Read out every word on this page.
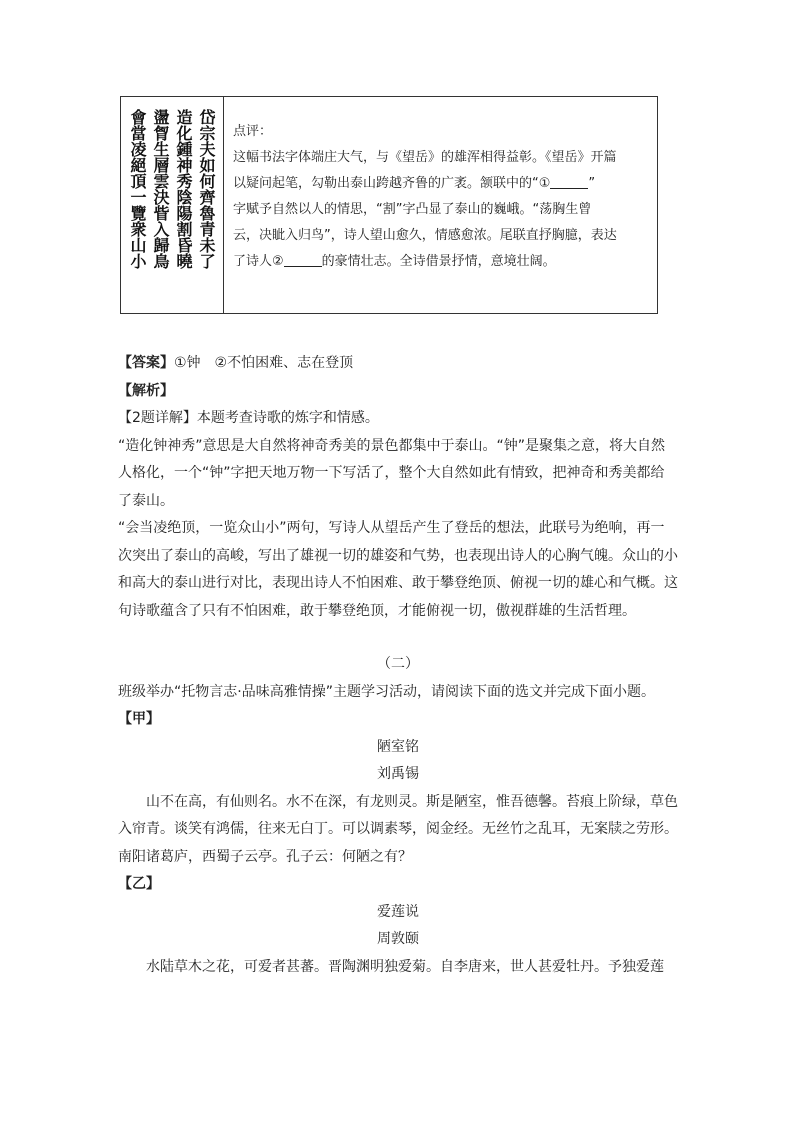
岱宗夫如何齊魯青未了
造化鍾神秀陰陽割昏曉
盪胷生層雲決眥入歸鳥
會當凌絕頂一覽衆山小	点评：

这幅书法字体端庄大气，与《望岳》的雄浑相得益彰。《望岳》开篇

以疑问起笔，勾勒出泰山跨越齐鲁的广袤。颔联中的“①	”

字赋予自然以人的情思，“割”字凸显了泰山的巍峨。“荡胸生曾

云，决眦入归鸟”，诗人望山愈久，情感愈浓。尾联直抒胸臆，表达

了诗人②	的豪情壮志。全诗借景抒情，意境壮阔。

【答案】①钟　②不怕困难、志在登顶

【解析】

【2题详解】本题考查诗歌的炼字和情感。

“造化钟神秀”意思是大自然将神奇秀美的景色都集中于泰山。“钟”是聚集之意，将大自然人格化，一个“钟”字把天地万物一下写活了，整个大自然如此有情致，把神奇和秀美都给了泰山。

“会当凌绝顶，一览众山小”两句，写诗人从望岳产生了登岳的想法，此联号为绝响，再一次突出了泰山的高峻，写出了雄视一切的雄姿和气势，也表现出诗人的心胸气魄。众山的小和高大的泰山进行对比，表现出诗人不怕困难、敢于攀登绝顶、俯视一切的雄心和气概。这句诗歌蕴含了只有不怕困难，敢于攀登绝顶，才能俯视一切，傲视群雄的生活哲理。

（二）

班级举办“托物言志·品味高雅情操”主题学习活动，请阅读下面的选文并完成下面小题。

【甲】

陋室铭

刘禹锡

山不在高，有仙则名。水不在深，有龙则灵。斯是陋室，惟吾德馨。苔痕上阶绿，草色入帘青。谈笑有鸿儒，往来无白丁。可以调素琴，阅金经。无丝竹之乱耳，无案牍之劳形。南阳诸葛庐，西蜀子云亭。孔子云：何陋之有？

【乙】

爱莲说

周敦颐

水陆草木之花，可爱者甚蕃。晋陶渊明独爱菊。自李唐来，世人甚爱牡丹。予独爱莲
